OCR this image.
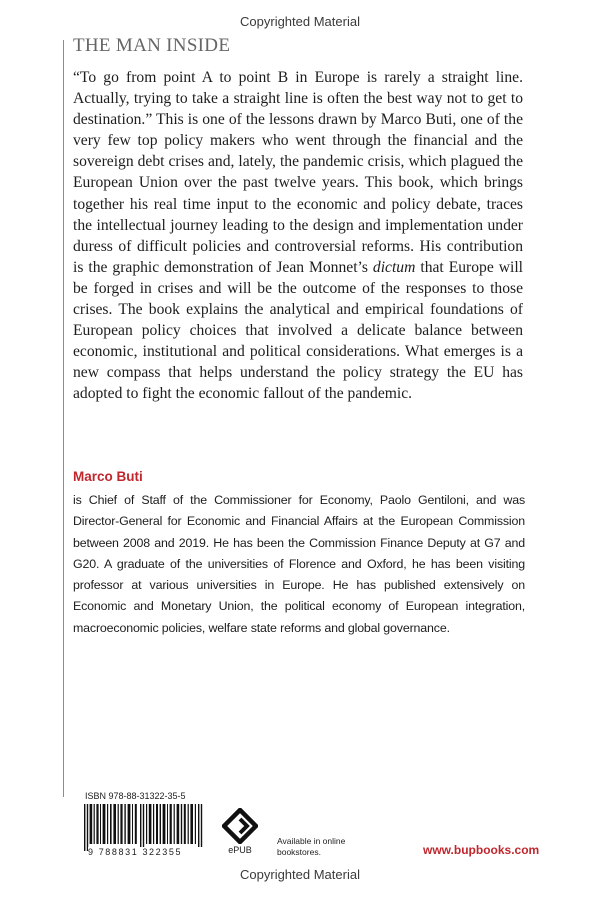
Copyrighted Material
THE MAN INSIDE
“To go from point A to point B in Europe is rarely a straight line. Actually, trying to take a straight line is often the best way not to get to destination.” This is one of the lessons drawn by Marco Buti, one of the very few top policy makers who went through the financial and the sovereign debt crises and, lately, the pandemic crisis, which plagued the European Union over the past twelve years. This book, which brings together his real time input to the economic and policy debate, traces the intellectual journey leading to the design and implementation under duress of difficult policies and controversial reforms. His contribution is the graphic demonstration of Jean Monnet’s dictum that Europe will be forged in crises and will be the outcome of the responses to those crises. The book explains the analytical and empirical foundations of European policy choices that involved a delicate balance between economic, institutional and political considerations. What emerges is a new compass that helps understand the policy strategy the EU has adopted to fight the economic fallout of the pandemic.
Marco Buti
is Chief of Staff of the Commissioner for Economy, Paolo Gentiloni, and was Director-General for Economic and Financial Affairs at the European Commission between 2008 and 2019. He has been the Commission Finance Deputy at G7 and G20. A graduate of the universities of Florence and Oxford, he has been visiting professor at various universities in Europe. He has published extensively on Economic and Monetary Union, the political economy of European integration, macroeconomic policies, welfare state reforms and global governance.
ISBN 978-88-31322-35-5
9 788831 322355	ePUB
Available in online bookstores.	www.bupbooks.com
Copyrighted Material
